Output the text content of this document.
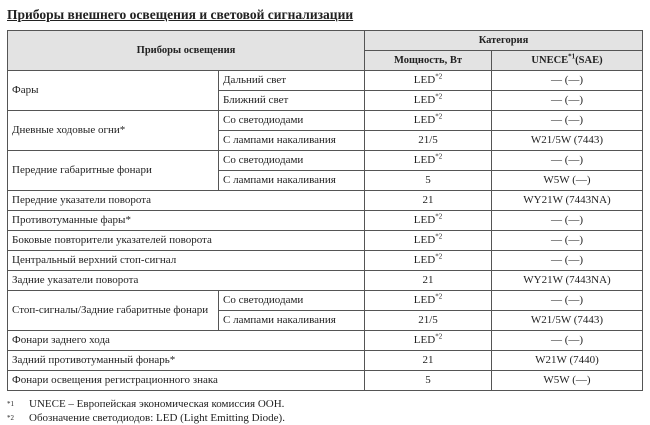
Приборы внешнего освещения и световой сигнализации
Приборы освещения		Категория	
		Мощность, Вт	UNECE$^{*1}$(SAE)
Фары	Дальний свет	LED$^{*2}$	— (—)
	Ближний свет	LED$^{*2}$	— (—)
Дневные ходовые огни*	Со светодиодами	LED$^{*2}$	— (—)
	С лампами накаливания	21/5	W21/5W (7443)
Передние габаритные фонари	Со светодиодами	LED$^{*2}$	— (—)
	С лампами накаливания	5	W5W (—)
Передние указатели поворота		21	WY21W (7443NA)
Противотуманные фары*		LED$^{*2}$	— (—)
Боковые повторители указателей поворота		LED$^{*2}$	— (—)
Центральный верхний стоп-сигнал		LED$^{*2}$	— (—)
Задние указатели поворота		21	WY21W (7443NA)
Стоп-сигналы/Задние габаритные фонари	Со светодиодами	LED$^{*2}$	— (—)
	С лампами накаливания	21/5	W21/5W (7443)
Фонари заднего хода		LED$^{*2}$	— (—)
Задний противотуманный фонарь*		21	W21W (7440)
Фонари освещения регистрационного знака		5	W5W (—)
*1 UNECE – Европейская экономическая комиссия ООН.
*2 Обозначение светодиодов: LED (Light Emitting Diode).
